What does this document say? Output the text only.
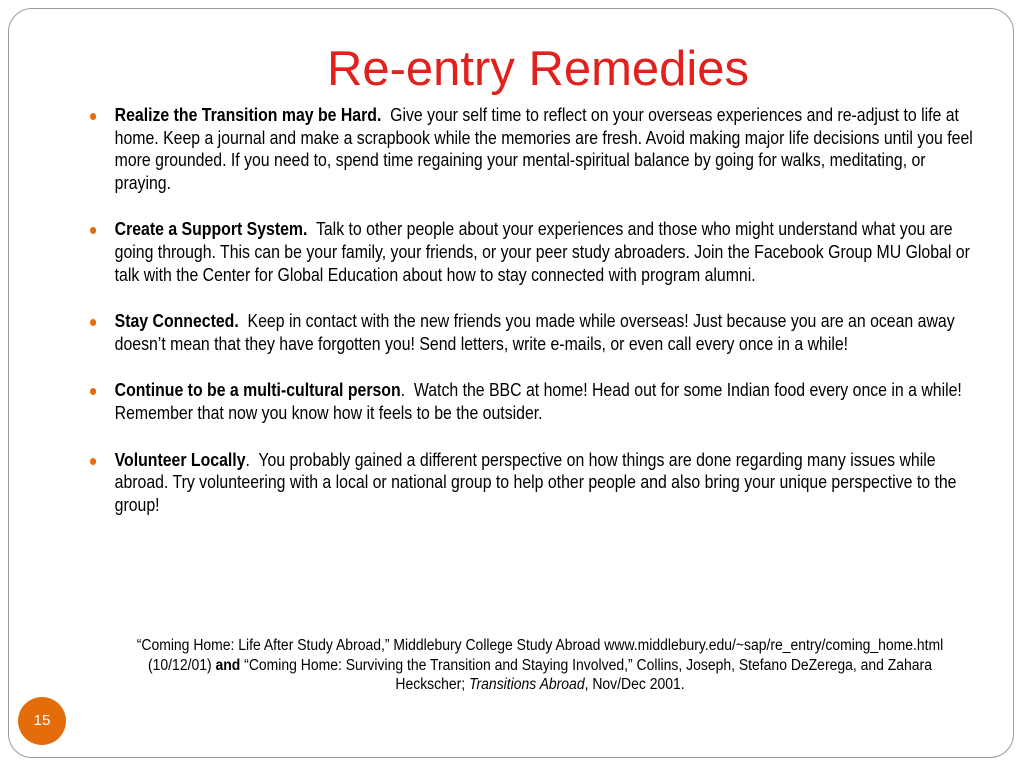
Re-entry Remedies
Realize the Transition may be Hard. Give your self time to reflect on your overseas experiences and re-adjust to life at home. Keep a journal and make a scrapbook while the memories are fresh. Avoid making major life decisions until you feel more grounded. If you need to, spend time regaining your mental-spiritual balance by going for walks, meditating, or praying.
Create a Support System. Talk to other people about your experiences and those who might understand what you are going through. This can be your family, your friends, or your peer study abroaders. Join the Facebook Group MU Global or talk with the Center for Global Education about how to stay connected with program alumni.
Stay Connected. Keep in contact with the new friends you made while overseas! Just because you are an ocean away doesn’t mean that they have forgotten you! Send letters, write e-mails, or even call every once in a while!
Continue to be a multi-cultural person.  Watch the BBC at home! Head out for some Indian food every once in a while! Remember that now you know how it feels to be the outsider.
Volunteer Locally.  You probably gained a different perspective on how things are done regarding many issues while abroad. Try volunteering with a local or national group to help other people and also bring your unique perspective to the group!
“Coming Home: Life After Study Abroad,” Middlebury College Study Abroad www.middlebury.edu/~sap/re_entry/coming_home.html (10/12/01) and “Coming Home: Surviving the Transition and Staying Involved,” Collins, Joseph, Stefano DeZerega, and Zahara Heckscher; Transitions Abroad, Nov/Dec 2001.
15
